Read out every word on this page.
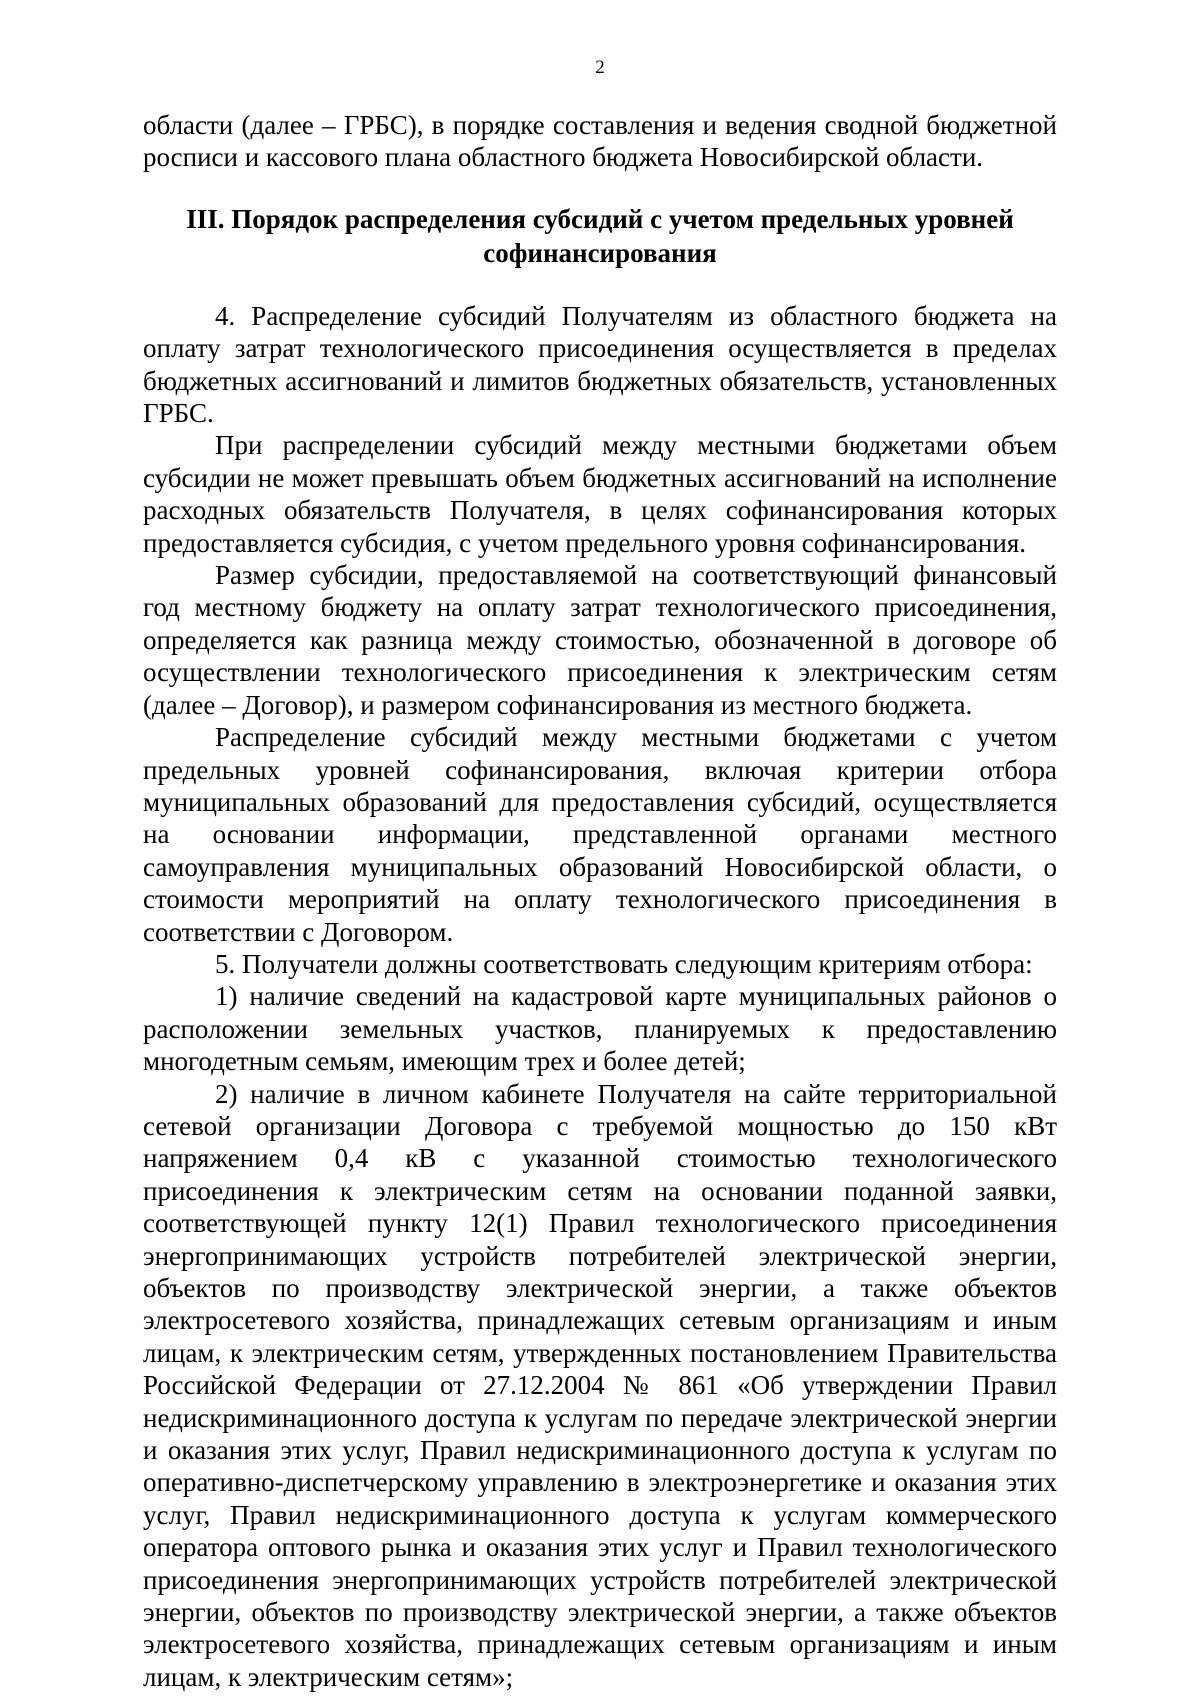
2

области (далее – ГРБС), в порядке составления и ведения сводной бюджетной росписи и кассового плана областного бюджета Новосибирской области.

III. Порядок распределения субсидий с учетом предельных уровней
софинансирования

4. Распределение субсидий Получателям из областного бюджета на оплату затрат технологического присоединения осуществляется в пределах бюджетных ассигнований и лимитов бюджетных обязательств, установленных ГРБС.

При распределении субсидий между местными бюджетами объем субсидии не может превышать объем бюджетных ассигнований на исполнение расходных обязательств Получателя, в целях софинансирования которых предоставляется субсидия, с учетом предельного уровня софинансирования.

Размер субсидии, предоставляемой на соответствующий финансовый год местному бюджету на оплату затрат технологического присоединения, определяется как разница между стоимостью, обозначенной в договоре об осуществлении технологического присоединения к электрическим сетям (далее – Договор), и размером софинансирования из местного бюджета.

Распределение субсидий между местными бюджетами с учетом предельных уровней софинансирования, включая критерии отбора муниципальных образований для предоставления субсидий, осуществляется на основании информации, представленной органами местного самоуправления муниципальных образований Новосибирской области, о стоимости мероприятий на оплату технологического присоединения в соответствии с Договором.

5. Получатели должны соответствовать следующим критериям отбора:

1) наличие сведений на кадастровой карте муниципальных районов о расположении земельных участков, планируемых к предоставлению многодетным семьям, имеющим трех и более детей;

2) наличие в личном кабинете Получателя на сайте территориальной сетевой организации Договора с требуемой мощностью до 150 кВт напряжением 0,4 кВ с указанной стоимостью технологического присоединения к электрическим сетям на основании поданной заявки, соответствующей пункту 12(1) Правил технологического присоединения энергопринимающих устройств потребителей электрической энергии, объектов по производству электрической энергии, а также объектов электросетевого хозяйства, принадлежащих сетевым организациям и иным лицам, к электрическим сетям, утвержденных постановлением Правительства Российской Федерации от 27.12.2004 № 861 «Об утверждении Правил недискриминационного доступа к услугам по передаче электрической энергии и оказания этих услуг, Правил недискриминационного доступа к услугам по оперативно-диспетчерскому управлению в электроэнергетике и оказания этих услуг, Правил недискриминационного доступа к услугам коммерческого оператора оптового рынка и оказания этих услуг и Правил технологического присоединения энергопринимающих устройств потребителей электрической энергии, объектов по производству электрической энергии, а также объектов электросетевого хозяйства, принадлежащих сетевым организациям и иным лицам, к электрическим сетям»;
